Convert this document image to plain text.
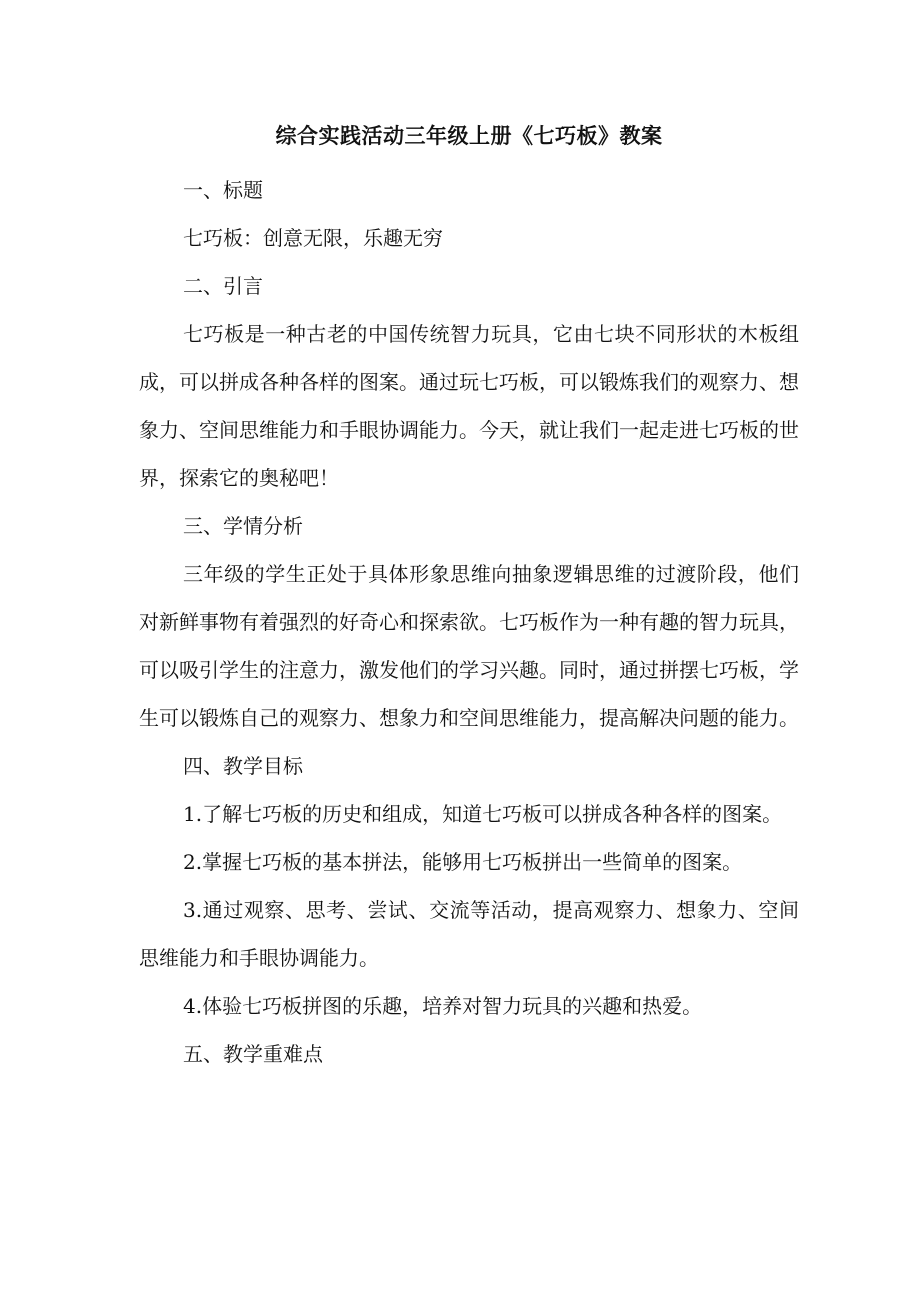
综合实践活动三年级上册《七巧板》教案

一、标题

七巧板：创意无限，乐趣无穷

二、引言

七巧板是一种古老的中国传统智力玩具，它由七块不同形状的木板组成，可以拼成各种各样的图案。通过玩七巧板，可以锻炼我们的观察力、想象力、空间思维能力和手眼协调能力。今天，就让我们一起走进七巧板的世界，探索它的奥秘吧！

三、学情分析

三年级的学生正处于具体形象思维向抽象逻辑思维的过渡阶段，他们对新鲜事物有着强烈的好奇心和探索欲。七巧板作为一种有趣的智力玩具，可以吸引学生的注意力，激发他们的学习兴趣。同时，通过拼摆七巧板，学生可以锻炼自己的观察力、想象力和空间思维能力，提高解决问题的能力。

四、教学目标

1.了解七巧板的历史和组成，知道七巧板可以拼成各种各样的图案。

2.掌握七巧板的基本拼法，能够用七巧板拼出一些简单的图案。

3.通过观察、思考、尝试、交流等活动，提高观察力、想象力、空间思维能力和手眼协调能力。

4.体验七巧板拼图的乐趣，培养对智力玩具的兴趣和热爱。

五、教学重难点
